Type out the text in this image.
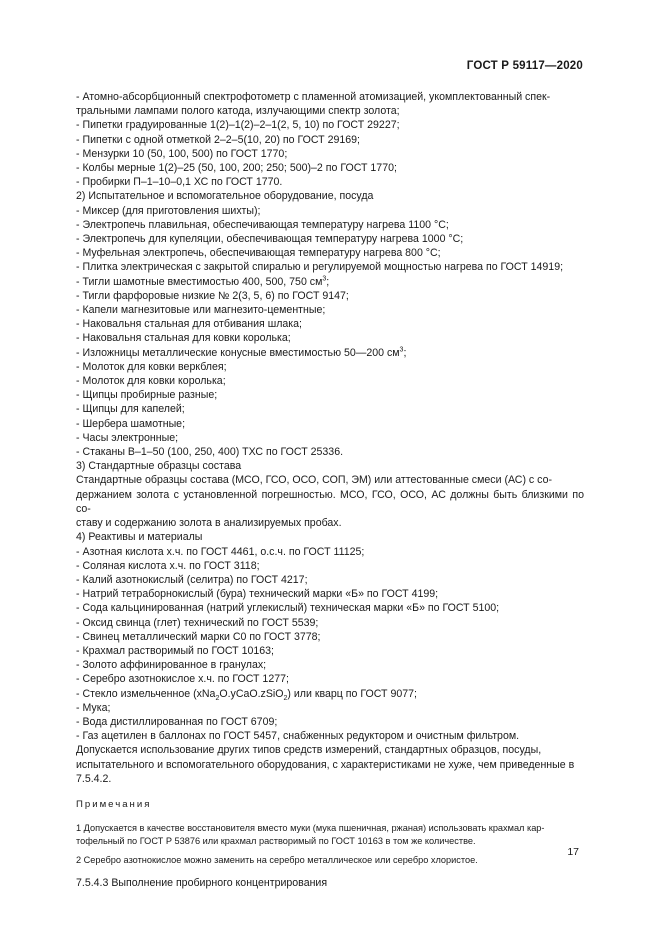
ГОСТ Р 59117—2020

- Атомно-абсорбционный спектрофотометр с пламенной атомизацией, укомплектованный спек-

тральными лампами полого катода, излучающими спектр золота;

- Пипетки градуированные 1(2)–1(2)–2–1(2, 5, 10) по ГОСТ 29227;

- Пипетки с одной отметкой 2–2–5(10, 20) по ГОСТ 29169;

- Мензурки 10 (50, 100, 500) по ГОСТ 1770;

- Колбы мерные 1(2)–25 (50, 100, 200; 250; 500)–2 по ГОСТ 1770;

- Пробирки П–1–10–0,1 ХС по ГОСТ 1770.

2) Испытательное и вспомогательное оборудование, посуда

- Миксер (для приготовления шихты);

- Электропечь плавильная, обеспечивающая температуру нагрева 1100 °С;

- Электропечь для купеляции, обеспечивающая температуру нагрева 1000 °С;

- Муфельная электропечь, обеспечивающая температуру нагрева 800 °С;

- Плитка электрическая с закрытой спиралью и регулируемой мощностью нагрева по ГОСТ 14919;

- Тигли шамотные вместимостью 400, 500, 750 $см^3$;

- Тигли фарфоровые низкие № 2(3, 5, 6) по ГОСТ 9147;

- Капели магнезитовые или магнезито-цементные;

- Наковальня стальная для отбивания шлака;

- Наковальня стальная для ковки королька;

- Изложницы металлические конусные вместимостью 50—200 $см^3$;

- Молоток для ковки веркблея;

- Молоток для ковки королька;

- Щипцы пробирные разные;

- Щипцы для капелей;

- Шербера шамотные;

- Часы электронные;

- Стаканы В–1–50 (100, 250, 400) ТХС по ГОСТ 25336.

3) Стандартные образцы состава

Стандартные образцы состава (МСО, ГСО, ОСО, СОП, ЭМ) или аттестованные смеси (АС) с со-

держанием золота с установленной погрешностью. МСО, ГСО, ОСО, АС должны быть близкими по со-

ставу и содержанию золота в анализируемых пробах.

4) Реактивы и материалы

- Азотная кислота х.ч. по ГОСТ 4461, о.с.ч. по ГОСТ 11125;

- Соляная кислота х.ч. по ГОСТ 3118;

- Калий азотнокислый (селитра) по ГОСТ 4217;

- Натрий тетраборнокислый (бура) технический марки «Б» по ГОСТ 4199;

- Сода кальцинированная (натрий углекислый) техническая марки «Б» по ГОСТ 5100;

- Оксид свинца (глет) технический по ГОСТ 5539;

- Свинец металлический марки С0 по ГОСТ 3778;

- Крахмал растворимый по ГОСТ 10163;

- Золото аффинированное в гранулах;

- Серебро азотнокислое х.ч. по ГОСТ 1277;

- Стекло измельченное (xNa$_2$O.yCaO.zSiO$_2$) или кварц по ГОСТ 9077;

- Мука;

- Вода дистиллированная по ГОСТ 6709;

- Газ ацетилен в баллонах по ГОСТ 5457, снабженных редуктором и очистным фильтром.

Допускается использование других типов средств измерений, стандартных образцов, посуды,

испытательного и вспомогательного оборудования, с характеристиками не хуже, чем приведенные в

7.5.4.2.

Примечания

1 Допускается в качестве восстановителя вместо муки (мука пшеничная, ржаная) использовать крахмал кар-
тофельный по ГОСТ Р 53876 или крахмал растворимый по ГОСТ 10163 в том же количестве.

2 Серебро азотнокислое можно заменить на серебро металлическое или серебро хлористое.

7.5.4.3 Выполнение пробирного концентрирования

17
